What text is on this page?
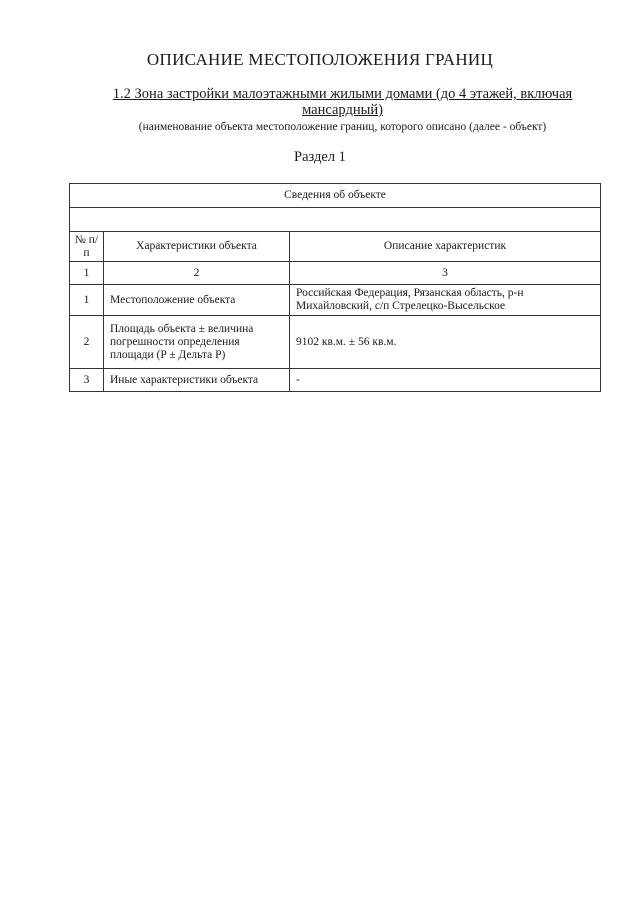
ОПИСАНИЕ МЕСТОПОЛОЖЕНИЯ ГРАНИЦ
1.2 Зона застройки малоэтажными жилыми домами (до 4 этажей, включая мансардный)
(наименование объекта местоположение границ, которого описано (далее - объект)
Раздел 1
Сведения об объекте		

№ п/п	Характеристики объекта	Описание характеристик
1	2	3
1	Местоположение объекта	Российская Федерация, Рязанская область, р-н Михайловский, с/п Стрелецко-Высельское
2	Площадь объекта ± величина погрешности определения площади (P ± Дельта P)	9102 кв.м. ± 56 кв.м.
3	Иные характеристики объекта	-
